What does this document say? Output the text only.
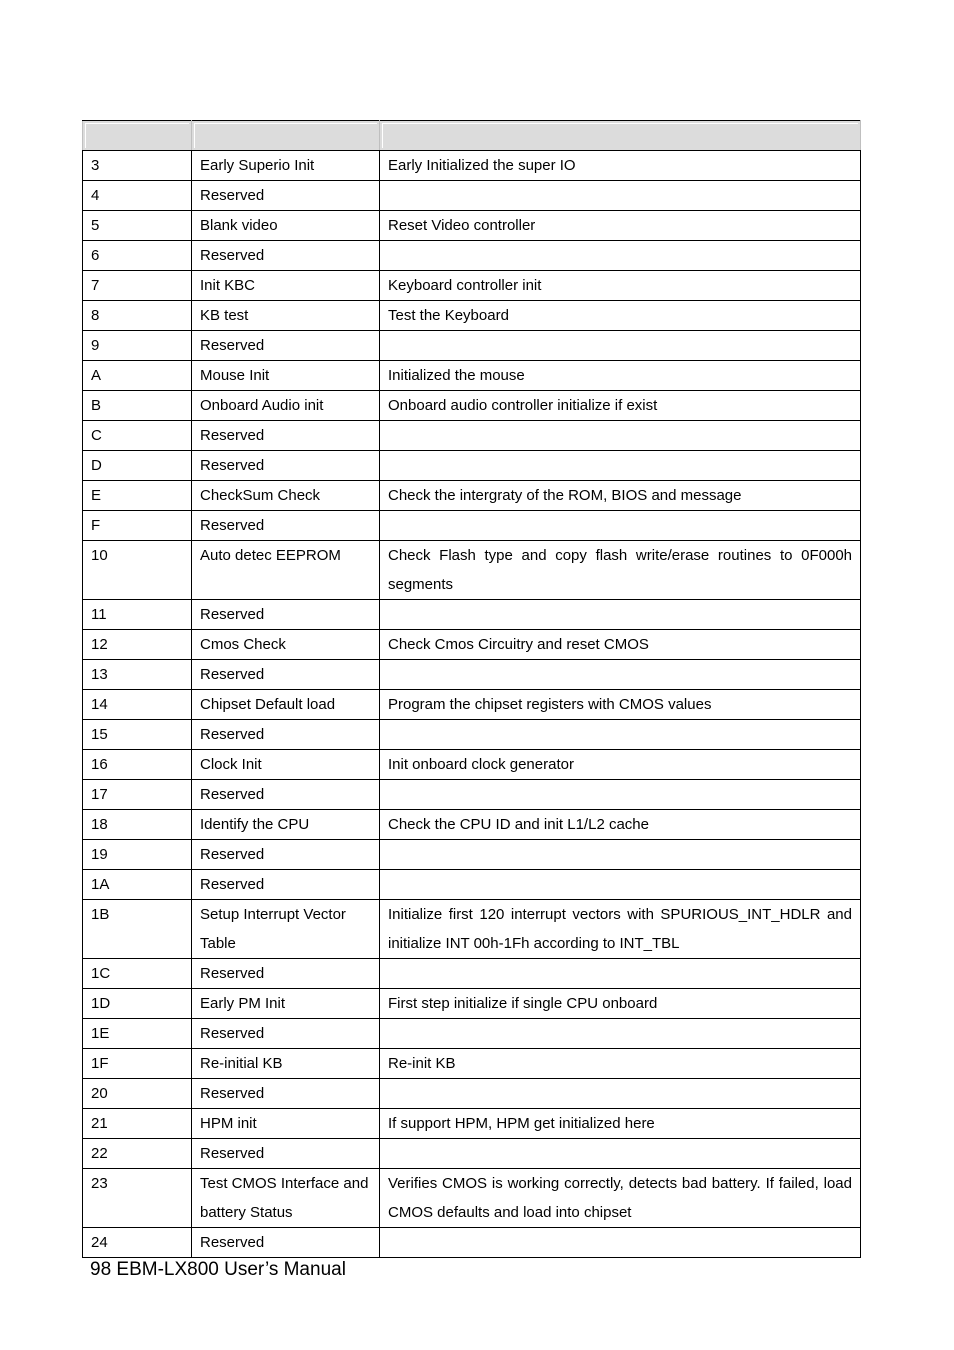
3	Early Superio Init	Early Initialized the super IO
4	Reserved	
5	Blank video	Reset Video controller
6	Reserved	
7	Init KBC	Keyboard controller init
8	KB test	Test the Keyboard
9	Reserved	
A	Mouse Init	Initialized the mouse
B	Onboard Audio init	Onboard audio controller initialize if exist
C	Reserved	
D	Reserved	
E	CheckSum Check	Check the intergraty of the ROM, BIOS and message
F	Reserved	
10	Auto detec EEPROM	Check Flash type and copy flash write/erase routines to 0F000h segments
11	Reserved	
12	Cmos Check	Check Cmos Circuitry and reset CMOS
13	Reserved	
14	Chipset Default load	Program the chipset registers with CMOS values
15	Reserved	
16	Clock Init	Init onboard clock generator
17	Reserved	
18	Identify the CPU	Check the CPU ID and init L1/L2 cache
19	Reserved	
1A	Reserved	
1B	Setup Interrupt Vector Table	Initialize first 120 interrupt vectors with SPURIOUS_INT_HDLR and initialize INT 00h-1Fh according to INT_TBL
1C	Reserved	
1D	Early PM Init	First step initialize if single CPU onboard
1E	Reserved	
1F	Re-initial KB	Re-init KB
20	Reserved	
21	HPM init	If support HPM, HPM get initialized here
22	Reserved	
23	Test CMOS Interface and battery Status	Verifies CMOS is working correctly, detects bad battery. If failed, load CMOS defaults and load into chipset
24	Reserved	
98 EBM-LX800 User’s Manual
